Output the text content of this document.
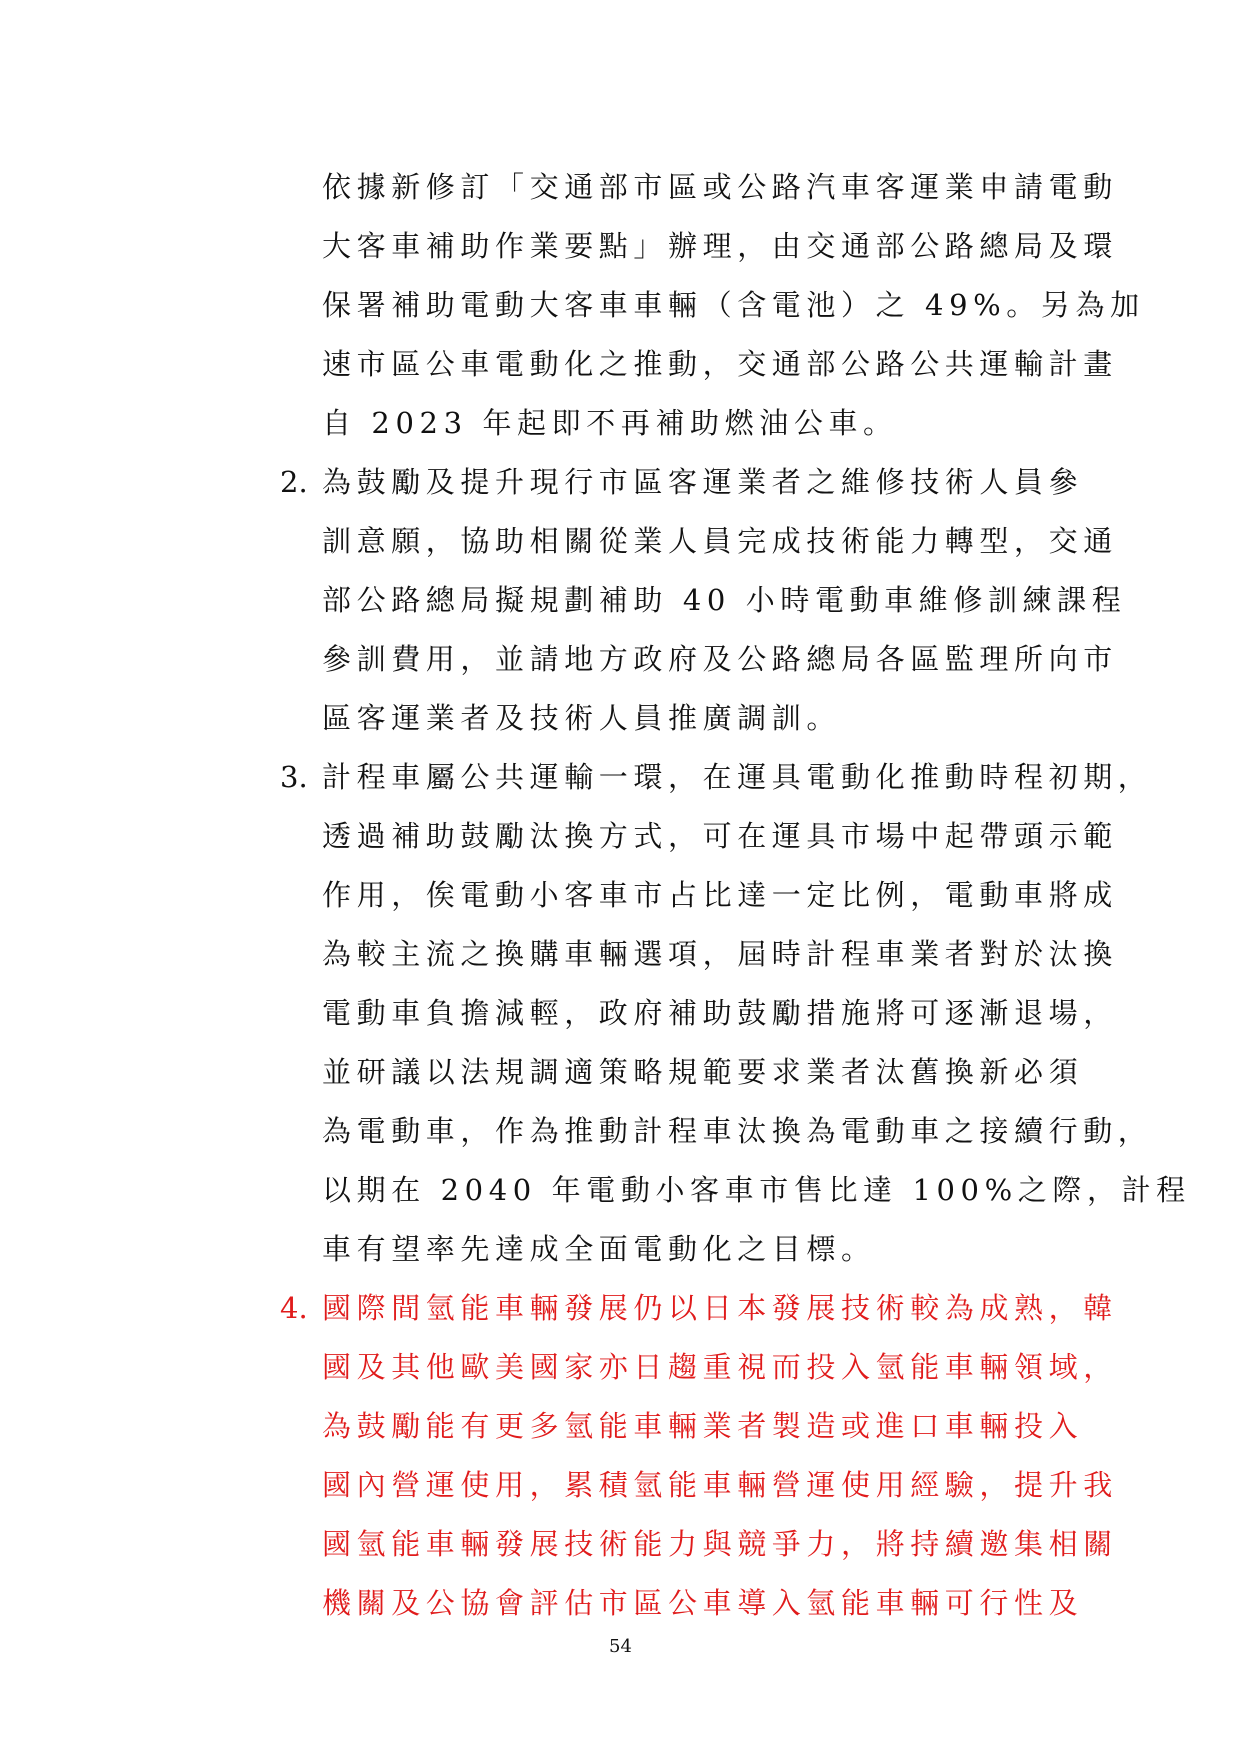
依據新修訂「交通部市區或公路汽車客運業申請電動
大客車補助作業要點」辦理，由交通部公路總局及環
保署補助電動大客車車輛（含電池）之 49%。另為加
速市區公車電動化之推動，交通部公路公共運輸計畫
自 2023 年起即不再補助燃油公車。
2. 為鼓勵及提升現行市區客運業者之維修技術人員參
訓意願，協助相關從業人員完成技術能力轉型，交通
部公路總局擬規劃補助 40 小時電動車維修訓練課程
參訓費用，並請地方政府及公路總局各區監理所向市
區客運業者及技術人員推廣調訓。
3. 計程車屬公共運輸一環，在運具電動化推動時程初期，
透過補助鼓勵汰換方式，可在運具市場中起帶頭示範
作用，俟電動小客車市占比達一定比例，電動車將成
為較主流之換購車輛選項，屆時計程車業者對於汰換
電動車負擔減輕，政府補助鼓勵措施將可逐漸退場，
並研議以法規調適策略規範要求業者汰舊換新必須
為電動車，作為推動計程車汰換為電動車之接續行動，
以期在 2040 年電動小客車市售比達 100%之際，計程
車有望率先達成全面電動化之目標。
4. 國際間氫能車輛發展仍以日本發展技術較為成熟，韓
國及其他歐美國家亦日趨重視而投入氫能車輛領域，
為鼓勵能有更多氫能車輛業者製造或進口車輛投入
國內營運使用，累積氫能車輛營運使用經驗，提升我
國氫能車輛發展技術能力與競爭力，將持續邀集相關
機關及公協會評估市區公車導入氫能車輛可行性及
54
